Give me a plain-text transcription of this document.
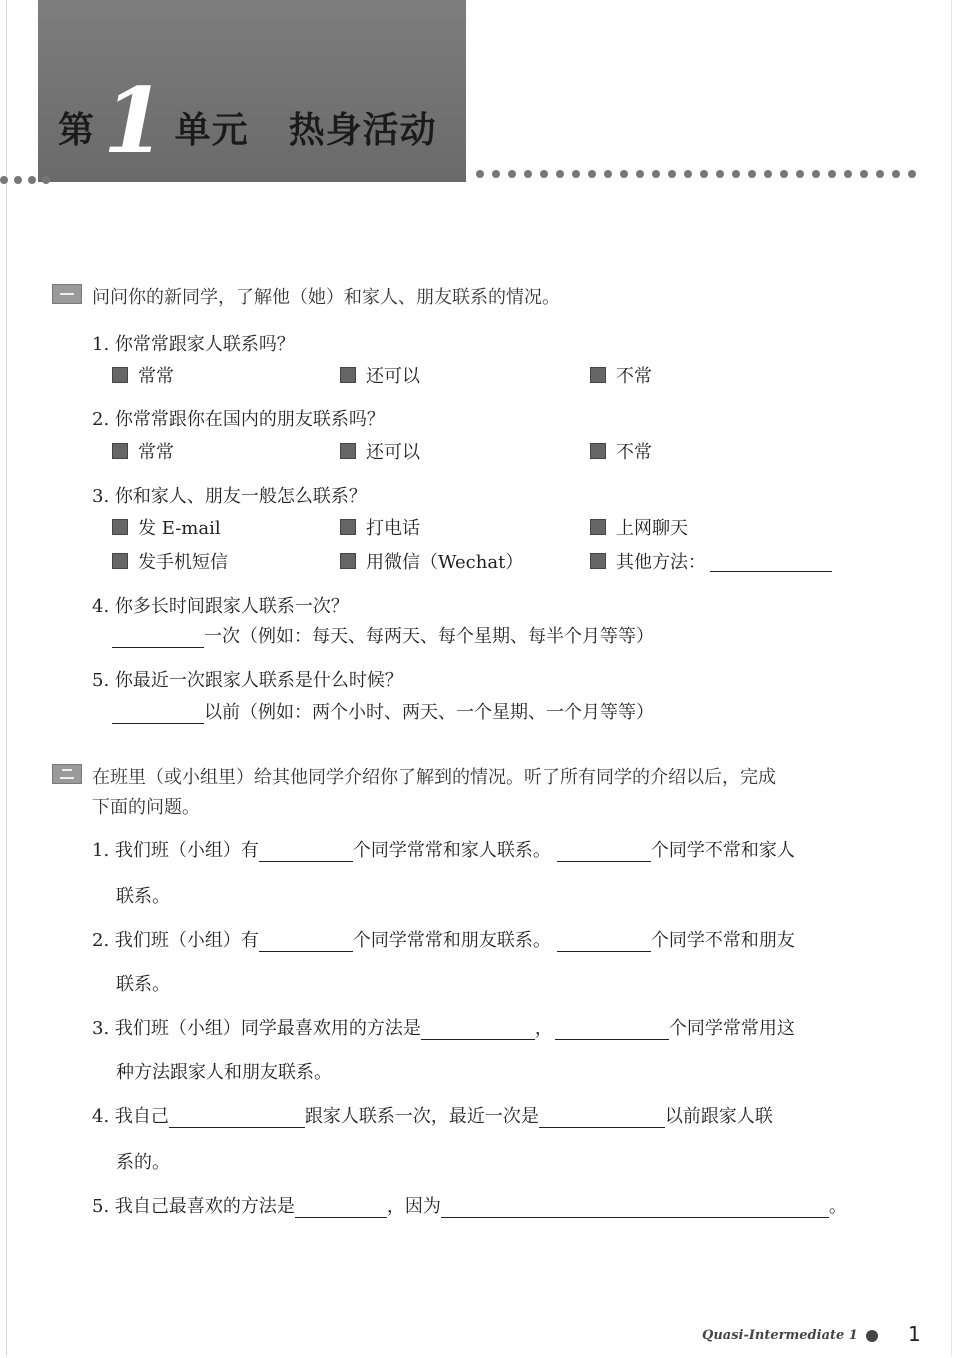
第1 单元 热身活动
问问你的新同学，了解他（她）和家人、朋友联系的情况。
1. 你常常跟家人联系吗？
常常	还可以	不常
2. 你常常跟你在国内的朋友联系吗？
常常	还可以	不常
3. 你和家人、朋友一般怎么联系？
发 E-mail	打电话	上网聊天
发手机短信	用微信（Wechat）	其他方法：
4. 你多长时间跟家人联系一次？
一次（例如：每天、每两天、每个星期、每半个月等等）
5. 你最近一次跟家人联系是什么时候？
以前（例如：两个小时、两天、一个星期、一个月等等）
在班里（或小组里）给其他同学介绍你了解到的情况。听了所有同学的介绍以后，完成
下面的问题。
1. 我们班（小组）有	个同学常常和家人联系。	个同学不常和家人
联系。
2. 我们班（小组）有	个同学常常和朋友联系。	个同学不常和朋友
联系。
3. 我们班（小组）同学最喜欢用的方法是	，	个同学常常用这
种方法跟家人和朋友联系。
4. 我自己	跟家人联系一次，最近一次是	以前跟家人联
系的。
5. 我自己最喜欢的方法是	，因为	。
Quasi-Intermediate 1	1
